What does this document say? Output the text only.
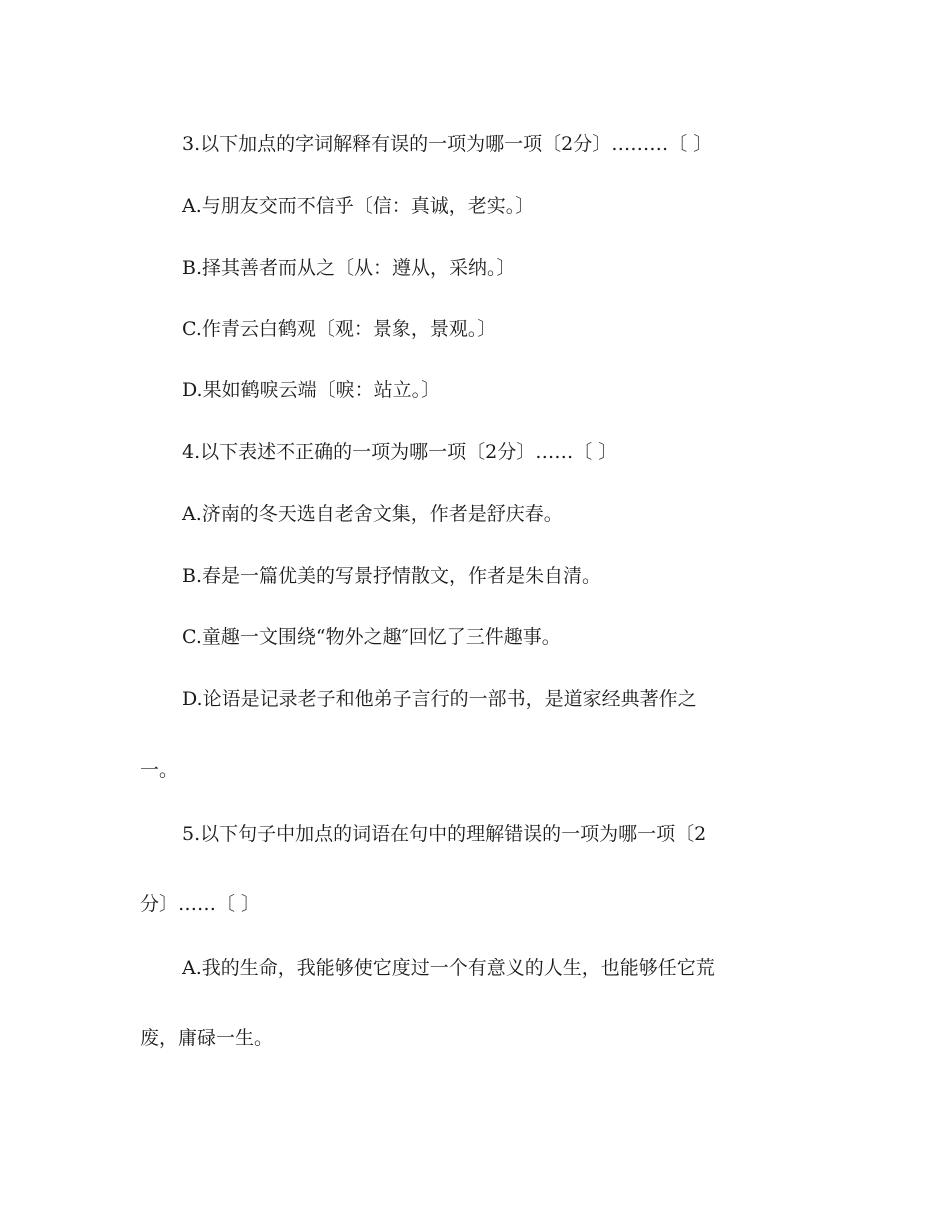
3.以下加点的字词解释有误的一项为哪一项〔2分〕………〔 〕
A.与朋友交而不信乎〔信：真诚，老实。〕
B.择其善者而从之〔从：遵从，采纳。〕
C.作青云白鹤观〔观：景象，景观。〕
D.果如鹤唳云端〔唳：站立。〕
4.以下表述不正确的一项为哪一项〔2分〕……〔 〕
A.济南的冬天选自老舍文集，作者是舒庆春。
B.春是一篇优美的写景抒情散文，作者是朱自清。
C.童趣一文围绕“物外之趣″回忆了三件趣事。
D.论语是记录老子和他弟子言行的一部书，是道家经典著作之
一。
5.以下句子中加点的词语在句中的理解错误的一项为哪一项〔2
分〕……〔 〕
A.我的生命，我能够使它度过一个有意义的人生，也能够任它荒
废，庸碌一生。
